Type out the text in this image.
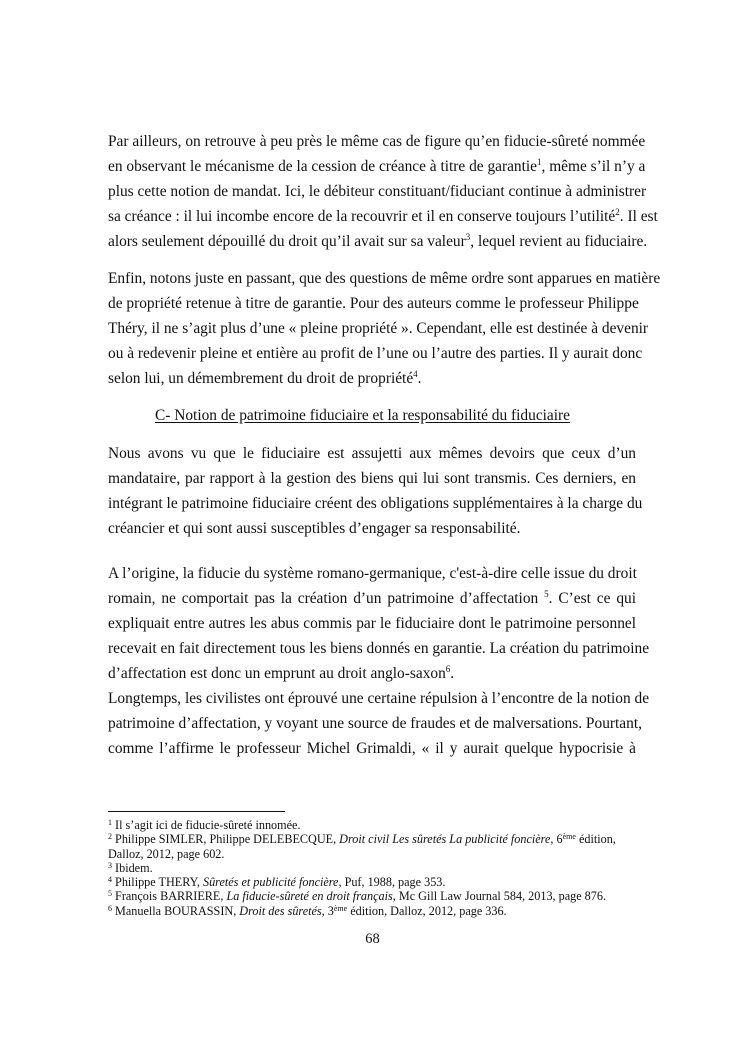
Par ailleurs, on retrouve à peu près le même cas de figure qu’en fiducie-sûreté nommée
en observant le mécanisme de la cession de créance à titre de garantie$^1$, même s’il n’y a
plus cette notion de mandat. Ici, le débiteur constituant/fiduciant continue à administrer
sa créance : il lui incombe encore de la recouvrir et il en conserve toujours l’utilité$^2$. Il est
alors seulement dépouillé du droit qu’il avait sur sa valeur$^3$, lequel revient au fiduciaire.
Enfin, notons juste en passant, que des questions de même ordre sont apparues en matière
de propriété retenue à titre de garantie. Pour des auteurs comme le professeur Philippe
Théry, il ne s’agit plus d’une « pleine propriété ». Cependant, elle est destinée à devenir
ou à redevenir pleine et entière au profit de l’une ou l’autre des parties. Il y aurait donc
selon lui, un démembrement du droit de propriété$^4$.
C- Notion de patrimoine fiduciaire et la responsabilité du fiduciaire
Nous avons vu que le fiduciaire est assujetti aux mêmes devoirs que ceux d’un
mandataire, par rapport à la gestion des biens qui lui sont transmis. Ces derniers, en
intégrant le patrimoine fiduciaire créent des obligations supplémentaires à la charge du
créancier et qui sont aussi susceptibles d’engager sa responsabilité.
A l’origine, la fiducie du système romano-germanique, c'est-à-dire celle issue du droit
romain, ne comportait pas la création d’un patrimoine d’affectation $^5$. C’est ce qui
expliquait entre autres les abus commis par le fiduciaire dont le patrimoine personnel
recevait en fait directement tous les biens donnés en garantie. La création du patrimoine
d’affectation est donc un emprunt au droit anglo-saxon$^6$.
Longtemps, les civilistes ont éprouvé une certaine répulsion à l’encontre de la notion de
patrimoine d’affectation, y voyant une source de fraudes et de malversations. Pourtant,
comme l’affirme le professeur Michel Grimaldi, « il y aurait quelque hypocrisie à
$^1$ Il s’agit ici de fiducie-sûreté innomée.
$^2$ Philippe SIMLER, Philippe DELEBECQUE, Droit civil Les sûretés La publicité foncière, 6ème édition,
Dalloz, 2012, page 602.
$^3$ Ibidem.
$^4$ Philippe THERY, Sûretés et publicité foncière, Puf, 1988, page 353.
$^5$ François BARRIERE, La fiducie-sûreté en droit français, Mc Gill Law Journal 584, 2013, page 876.
$^6$ Manuella BOURASSIN, Droit des sûretés, 3ème édition, Dalloz, 2012, page 336.
68
